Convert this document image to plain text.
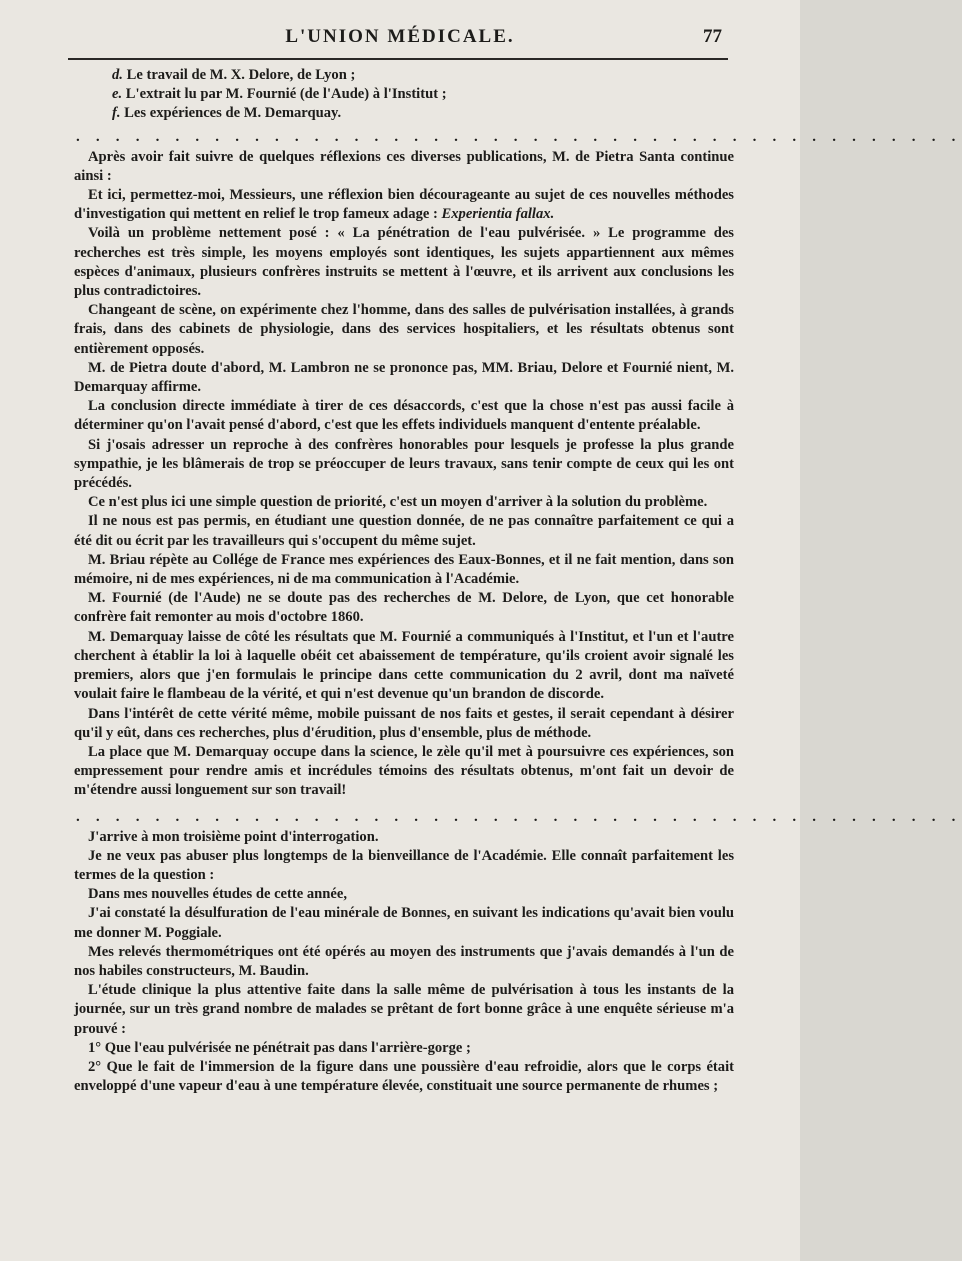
L'UNION MÉDICALE.	77

d. Le travail de M. X. Delore, de Lyon ;

e. L'extrait lu par M. Fournié (de l'Aude) à l'Institut ;

f. Les expériences de M. Demarquay.

. . . . . . . . . . . . . . . . . . . . . . . . . . . . . . . . . . . . . . . . . . . . .

Après avoir fait suivre de quelques réflexions ces diverses publications, M. de Pietra Santa continue ainsi :

Et ici, permettez-moi, Messieurs, une réflexion bien décourageante au sujet de ces nouvelles méthodes d'investigation qui mettent en relief le trop fameux adage : Experientia fallax.

Voilà un problème nettement posé : « La pénétration de l'eau pulvérisée. » Le programme des recherches est très simple, les moyens employés sont identiques, les sujets appartiennent aux mêmes espèces d'animaux, plusieurs confrères instruits se mettent à l'œuvre, et ils arrivent aux conclusions les plus contradictoires.

Changeant de scène, on expérimente chez l'homme, dans des salles de pulvérisation installées, à grands frais, dans des cabinets de physiologie, dans des services hospitaliers, et les résultats obtenus sont entièrement opposés.

M. de Pietra doute d'abord, M. Lambron ne se prononce pas, MM. Briau, Delore et Fournié nient, M. Demarquay affirme.

La conclusion directe immédiate à tirer de ces désaccords, c'est que la chose n'est pas aussi facile à déterminer qu'on l'avait pensé d'abord, c'est que les effets individuels manquent d'entente préalable.

Si j'osais adresser un reproche à des confrères honorables pour lesquels je professe la plus grande sympathie, je les blâmerais de trop se préoccuper de leurs travaux, sans tenir compte de ceux qui les ont précédés.

Ce n'est plus ici une simple question de priorité, c'est un moyen d'arriver à la solution du problème.

Il ne nous est pas permis, en étudiant une question donnée, de ne pas connaître parfaitement ce qui a été dit ou écrit par les travailleurs qui s'occupent du même sujet.

M. Briau répète au Collége de France mes expériences des Eaux-Bonnes, et il ne fait mention, dans son mémoire, ni de mes expériences, ni de ma communication à l'Académie.

M. Fournié (de l'Aude) ne se doute pas des recherches de M. Delore, de Lyon, que cet honorable confrère fait remonter au mois d'octobre 1860.

M. Demarquay laisse de côté les résultats que M. Fournié a communiqués à l'Institut, et l'un et l'autre cherchent à établir la loi à laquelle obéit cet abaissement de température, qu'ils croient avoir signalé les premiers, alors que j'en formulais le principe dans cette communication du 2 avril, dont ma naïveté voulait faire le flambeau de la vérité, et qui n'est devenue qu'un brandon de discorde.

Dans l'intérêt de cette vérité même, mobile puissant de nos faits et gestes, il serait cependant à désirer qu'il y eût, dans ces recherches, plus d'érudition, plus d'ensemble, plus de méthode.

La place que M. Demarquay occupe dans la science, le zèle qu'il met à poursuivre ces expériences, son empressement pour rendre amis et incrédules témoins des résultats obtenus, m'ont fait un devoir de m'étendre aussi longuement sur son travail!

. . . . . . . . . . . . . . . . . . . . . . . . . . . . . . . . . . . . . . . . . . . . .

J'arrive à mon troisième point d'interrogation.

Je ne veux pas abuser plus longtemps de la bienveillance de l'Académie. Elle connaît parfaitement les termes de la question :

Dans mes nouvelles études de cette année,

J'ai constaté la désulfuration de l'eau minérale de Bonnes, en suivant les indications qu'avait bien voulu me donner M. Poggiale.

Mes relevés thermométriques ont été opérés au moyen des instruments que j'avais demandés à l'un de nos habiles constructeurs, M. Baudin.

L'étude clinique la plus attentive faite dans la salle même de pulvérisation à tous les instants de la journée, sur un très grand nombre de malades se prêtant de fort bonne grâce à une enquête sérieuse m'a prouvé :

1° Que l'eau pulvérisée ne pénétrait pas dans l'arrière-gorge ;

2° Que le fait de l'immersion de la figure dans une poussière d'eau refroidie, alors que le corps était enveloppé d'une vapeur d'eau à une température élevée, constituait une source permanente de rhumes ;
